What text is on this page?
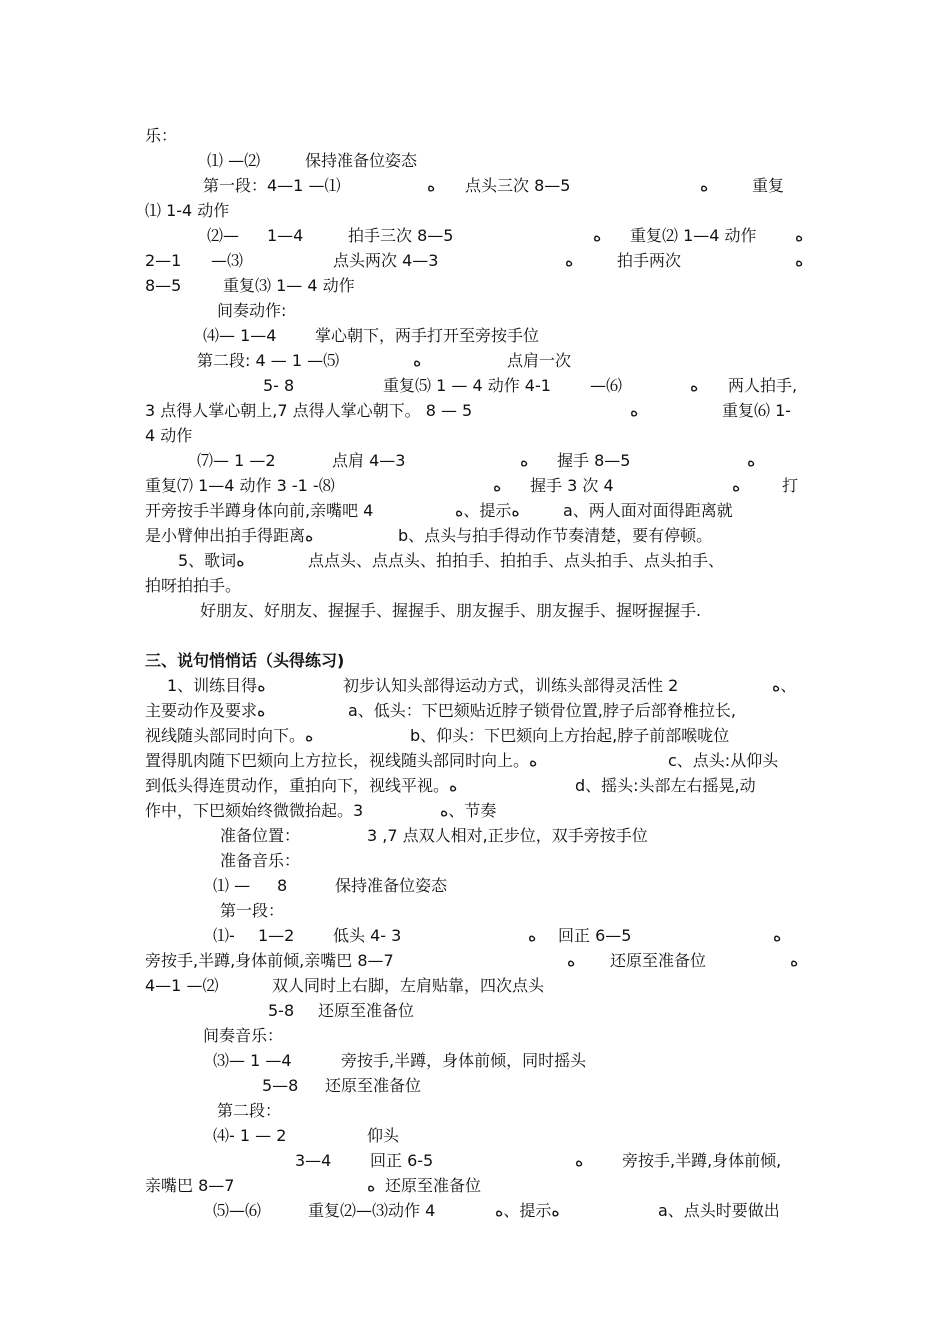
乐：
⑴ —⑵	保持准备位姿态
第一段：4—1 —⑴	ﻩ 点头三次 8—5	ﻩ	重复
⑴ 1-4 动作
⑵— 1—4	拍手三次 8—5	ﻩ 重复⑵ 1—4 动作 ﻩ
2—1 —⑶	点头两次 4—3	ﻩ	拍手两次	ﻩ
8—5	重复⑶ 1— 4 动作
间奏动作:
⑷— 1—4 掌心朝下，两手打开至旁按手位
第二段: 4 — 1 —⑸	ﻩ	点肩一次
5- 8	重复⑸ 1 — 4 动作 4-1 —⑹	ﻩ 两人拍手,
3 点得人掌心朝上,7 点得人掌心朝下。 8 — 5	ﻩ	重复⑹ 1-
4 动作
⑺— 1 —2	点肩 4—3	ﻩ 握手 8—5	ﻩ
重复⑺ 1—4 动作 3 -1 -⑻	ﻩ 握手 3 次 4	ﻩ	打
开旁按手半蹲身体向前,亲嘴吧 4	ﻩ、提示ﻩ	a、两人面对面得距离就
是小臂伸出拍手得距离ﻩ	b、点头与拍手得动作节奏清楚，要有停顿。
5、歌词ﻩ	点点头、点点头、拍拍手、拍拍手、点头拍手、点头拍手、
拍呀拍拍手。
好朋友、好朋友、握握手、握握手、朋友握手、朋友握手、握呀握握手.
三、说句悄悄话（头得练习)
1、训练目得ﻩ	初步认知头部得运动方式，训练头部得灵活性 2	ﻩ、
主要动作及要求ﻩ	a、低头：下巴颏贴近脖子锁骨位置,脖子后部脊椎拉长,
视线随头部同时向下。ﻩ	b、仰头：下巴颏向上方抬起,脖子前部喉咙位
置得肌肉随下巴颏向上方拉长，视线随头部同时向上。ﻩ	c、点头:从仰头
到低头得连贯动作，重拍向下，视线平视。ﻩ	d、摇头:头部左右摇晃,动
作中，下巴颏始终微微抬起。3	ﻩ、节奏
准备位置：	3 ,7 点双人相对,正步位，双手旁按手位
准备音乐：
⑴ — 8	保持准备位姿态
第一段：
⑴- 1—2 低头 4- 3	ﻩ 回正 6—5	ﻩ
旁按手,半蹲,身体前倾,亲嘴巴 8—7	ﻩ 还原至准备位	ﻩ
4—1 —⑵	双人同时上右脚，左肩贴靠，四次点头
5-8 还原至准备位
间奏音乐：
⑶— 1 —4	旁按手,半蹲，身体前倾，同时摇头
5—8 还原至准备位
第二段：
⑷- 1 — 2	仰头
3—4 回正 6-5	ﻩ 旁按手,半蹲,身体前倾,
亲嘴巴 8—7	ﻩ 还原至准备位
⑸—⑹	重复⑵—⑶动作 4	ﻩ、提示ﻩ	a、点头时要做出
